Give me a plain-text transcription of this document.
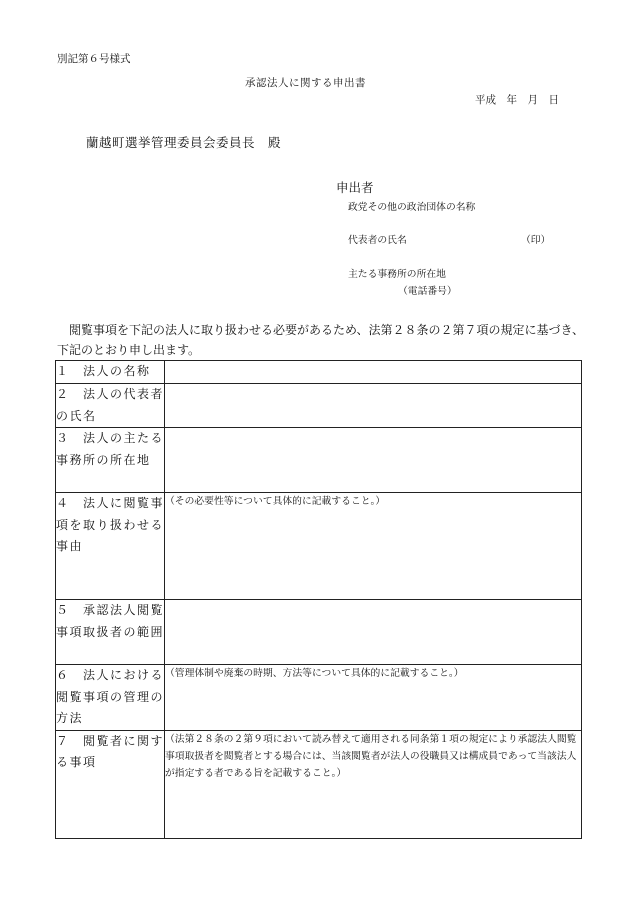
別記第６号様式
承認法人に関する申出書
平成　年　月　日
蘭越町選挙管理委員会委員長　殿
申出者
政党その他の政治団体の名称
代表者の氏名	（印）
主たる事務所の所在地
（電話番号）
閲覧事項を下記の法人に取り扱わせる必要があるため、法第２８条の２第７項の規定に基づき、下記のとおり申し出ます。
１　法人の名称	
２　法人の代表者の氏名	
３　法人の主たる事務所の所在地	
４　法人に閲覧事項を取り扱わせる事由	（その必要性等について具体的に記載すること。）
５　承認法人閲覧事項取扱者の範囲	
６　法人における閲覧事項の管理の方法	（管理体制や廃棄の時期、方法等について具体的に記載すること。）
７　閲覧者に関する事項	（法第２８条の２第９項において読み替えて適用される同条第１項の規定により承認法人閲覧事項取扱者を閲覧者とする場合には、当該閲覧者が法人の役職員又は構成員であって当該法人が指定する者である旨を記載すること。）
